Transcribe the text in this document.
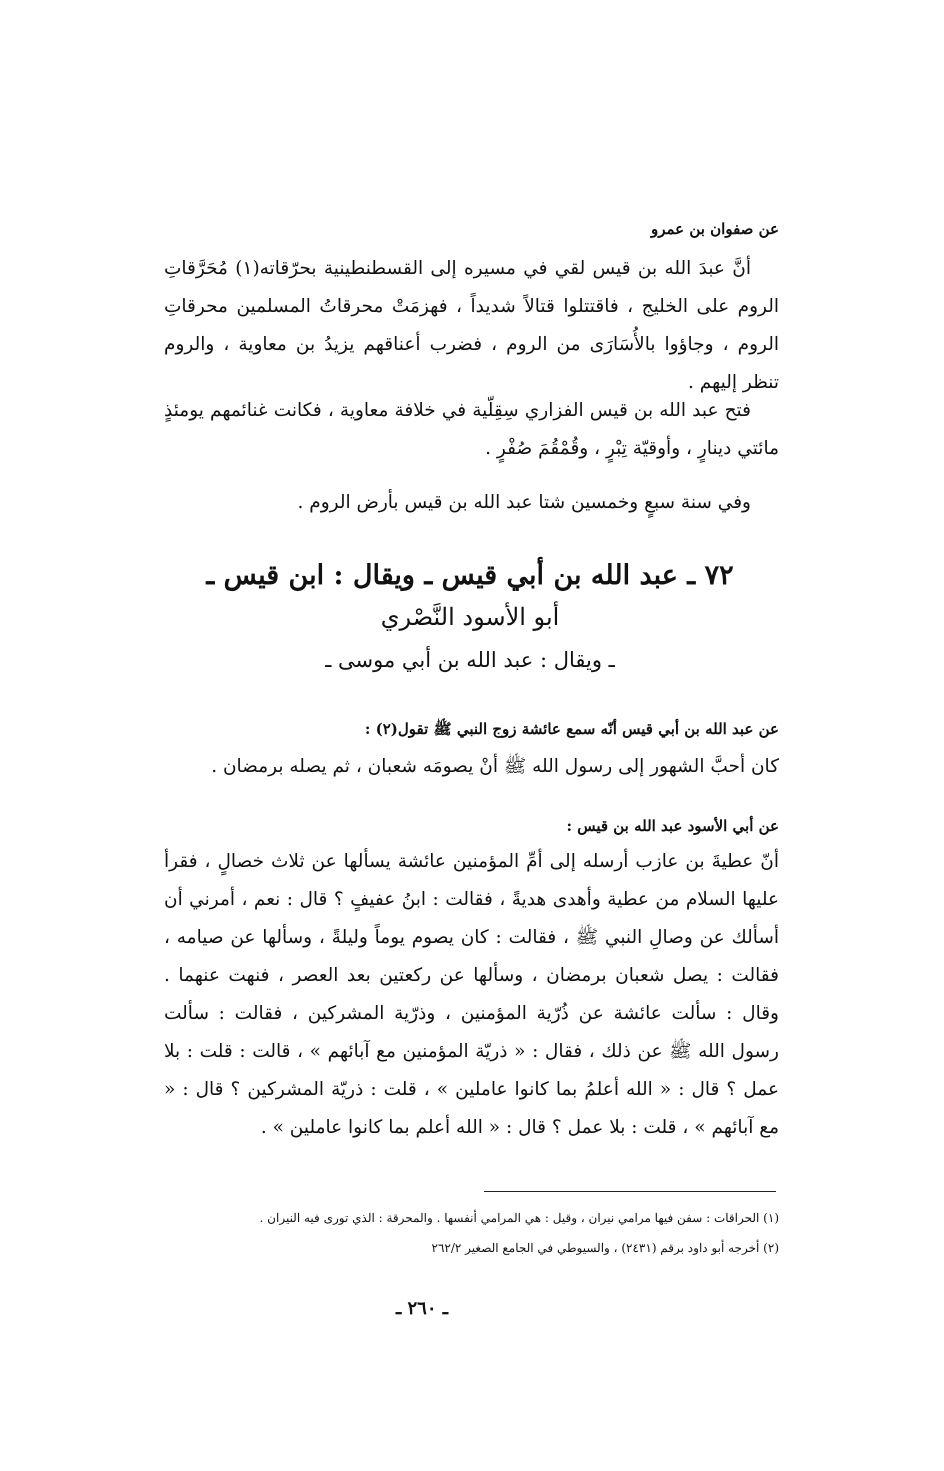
عن صفوان بن عمرو
أنَّ عبدَ الله بن قيس لقي في مسيره إلى القسطنطينية بحرّقاته(١) مُحَرَّقاتِ الروم على الخليج ، فاقتتلوا قتالاً شديداً ، فهزمَتْ محرقاتُ المسلمين محرقاتِ الروم ، وجاؤوا بالأُسَارَى من الروم ، فضرب أعناقهم يزيدُ بن معاوية ، والروم تنظر إليهم .
فتح عبد الله بن قيس الفزاري سِقِلّية في خلافة معاوية ، فكانت غنائمهم يومئذٍ مائتي دينارٍ ، وأوقيّة تِبْرٍ ، وقُمْقُمَ صُفْرٍ .
وفي سنة سبعٍ وخمسين شتا عبد الله بن قيس بأرض الروم .
٧٢ ـ عبد الله بن أبي قيس ـ ويقال : ابن قيس ـ
أبو الأسود النَّصْري
ـ ويقال : عبد الله بن أبي موسى ـ
عن عبد الله بن أبي قيس أنّه سمع عائشة زوج النبي ﷺ تقول(٢) :
كان أحبَّ الشهور إلى رسول الله ﷺ أنْ يصومَه شعبان ، ثم يصله برمضان .
عن أبي الأسود عبد الله بن قيس :
أنّ عطيةَ بن عازب أرسله إلى أمِّ المؤمنين عائشة يسألها عن ثلاث خصالٍ ، فقرأ عليها السلام من عطية وأهدى هديةً ، فقالت : ابنُ عفيفٍ ؟ قال : نعم ، أمرني أن أسألك عن وصالِ النبي ﷺ ، فقالت : كان يصوم يوماً وليلةً ، وسألها عن صيامه ، فقالت : يصل شعبان برمضان ، وسألها عن ركعتين بعد العصر ، فنهت عنهما . وقال : سألت عائشة عن ذُرّية المؤمنين ، وذرّية المشركين ، فقالت : سألت رسول الله ﷺ عن ذلك ، فقال : « ذريّة المؤمنين مع آبائهم » ، قالت : قلت : بلا عمل ؟ قال : « الله أعلمُ بما كانوا عاملين » ، قلت : ذريّة المشركين ؟ قال : « مع آبائهم » ، قلت : بلا عمل ؟ قال : « الله أعلم بما كانوا عاملين » .
(١) الحراقات : سفن فيها مرامي نيران ، وقيل : هي المرامي أنفسها . والمحرقة : الذي تورى فيه النيران .
(٢) أخرجه أبو داود برقم (٢٤٣١) ، والسيوطي في الجامع الصغير ٢٦٢/٢
ـ ٢٦٠ ـ
